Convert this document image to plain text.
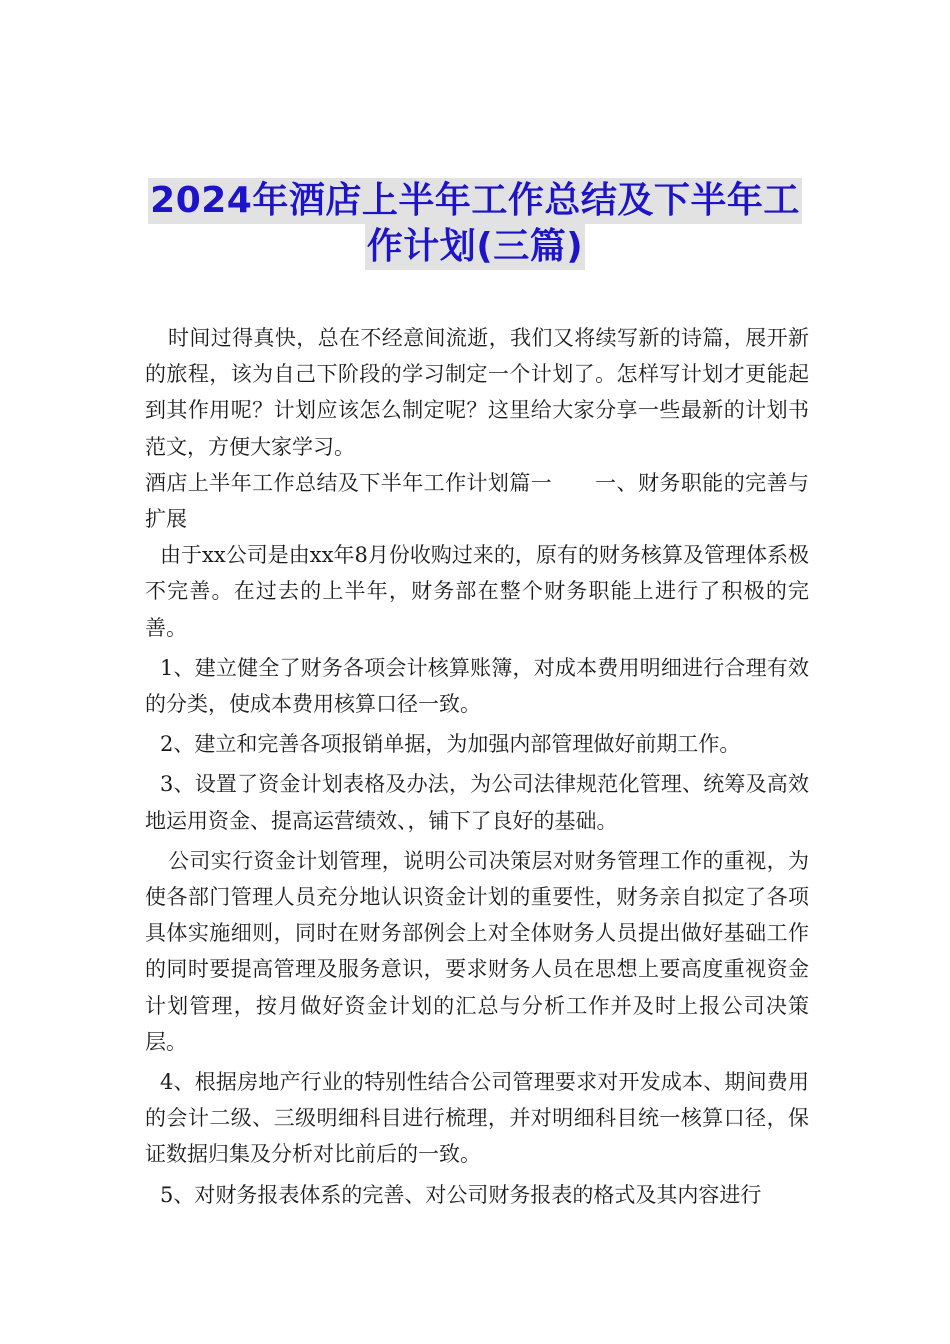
2024年酒店上半年工作总结及下半年工
作计划(三篇)

时间过得真快，总在不经意间流逝，我们又将续写新的诗篇，展开新的旅程，该为自己下阶段的学习制定一个计划了。怎样写计划才更能起到其作用呢？计划应该怎么制定呢？这里给大家分享一些最新的计划书范文，方便大家学习。

酒店上半年工作总结及下半年工作计划篇一　　一、财务职能的完善与扩展

由于xx公司是由xx年8月份收购过来的，原有的财务核算及管理体系极不完善。在过去的上半年，财务部在整个财务职能上进行了积极的完善。

1、建立健全了财务各项会计核算账簿，对成本费用明细进行合理有效的分类，使成本费用核算口径一致。

2、建立和完善各项报销单据，为加强内部管理做好前期工作。

3、设置了资金计划表格及办法，为公司法律规范化管理、统筹及高效地运用资金、提高运营绩效、，铺下了良好的基础。

公司实行资金计划管理，说明公司决策层对财务管理工作的重视，为使各部门管理人员充分地认识资金计划的重要性，财务亲自拟定了各项具体实施细则，同时在财务部例会上对全体财务人员提出做好基础工作的同时要提高管理及服务意识，要求财务人员在思想上要高度重视资金计划管理，按月做好资金计划的汇总与分析工作并及时上报公司决策层。

4、根据房地产行业的特别性结合公司管理要求对开发成本、期间费用的会计二级、三级明细科目进行梳理，并对明细科目统一核算口径，保证数据归集及分析对比前后的一致。

5、对财务报表体系的完善、对公司财务报表的格式及其内容进行
